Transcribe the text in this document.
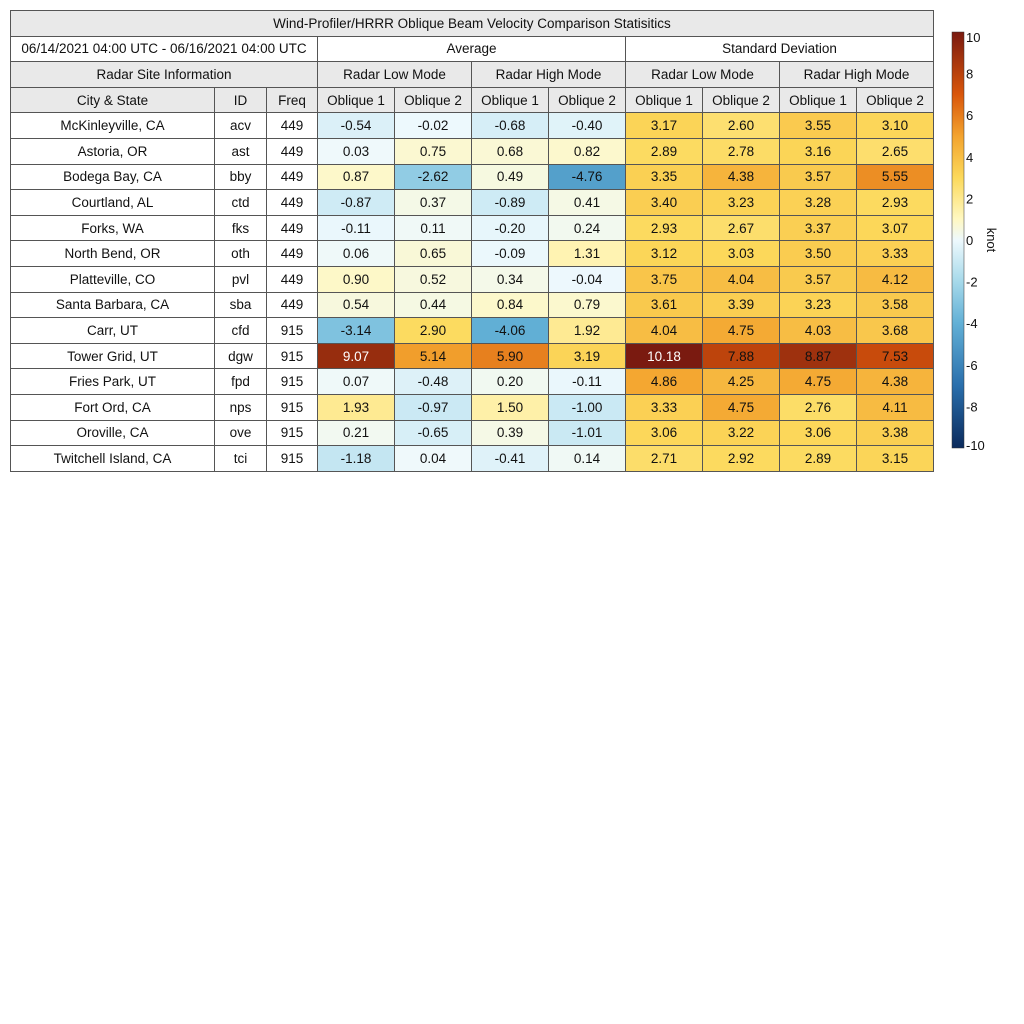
Wind-Profiler/HRRR Oblique Beam Velocity Comparison Statisitics										
06/14/2021 04:00 UTC - 06/16/2021 04:00 UTC			Average				Standard Deviation			
Radar Site Information			Radar Low Mode		Radar High Mode		Radar Low Mode		Radar High Mode	
City & State	ID	Freq	Oblique 1	Oblique 2	Oblique 1	Oblique 2	Oblique 1	Oblique 2	Oblique 1	Oblique 2
McKinleyville, CA	acv	449	-0.54	-0.02	-0.68	-0.40	3.17	2.60	3.55	3.10
Astoria, OR	ast	449	0.03	0.75	0.68	0.82	2.89	2.78	3.16	2.65
Bodega Bay, CA	bby	449	0.87	-2.62	0.49	-4.76	3.35	4.38	3.57	5.55
Courtland, AL	ctd	449	-0.87	0.37	-0.89	0.41	3.40	3.23	3.28	2.93
Forks, WA	fks	449	-0.11	0.11	-0.20	0.24	2.93	2.67	3.37	3.07
North Bend, OR	oth	449	0.06	0.65	-0.09	1.31	3.12	3.03	3.50	3.33
Platteville, CO	pvl	449	0.90	0.52	0.34	-0.04	3.75	4.04	3.57	4.12
Santa Barbara, CA	sba	449	0.54	0.44	0.84	0.79	3.61	3.39	3.23	3.58
Carr, UT	cfd	915	-3.14	2.90	-4.06	1.92	4.04	4.75	4.03	3.68
Tower Grid, UT	dgw	915	9.07	5.14	5.90	3.19	10.18	7.88	8.87	7.53
Fries Park, UT	fpd	915	0.07	-0.48	0.20	-0.11	4.86	4.25	4.75	4.38
Fort Ord, CA	nps	915	1.93	-0.97	1.50	-1.00	3.33	4.75	2.76	4.11
Oroville, CA	ove	915	0.21	-0.65	0.39	-1.01	3.06	3.22	3.06	3.38
Twitchell Island, CA	tci	915	-1.18	0.04	-0.41	0.14	2.71	2.92	2.89	3.15
10
8
6
4
2
0
-2
-4
-6
-8
-10
knot
